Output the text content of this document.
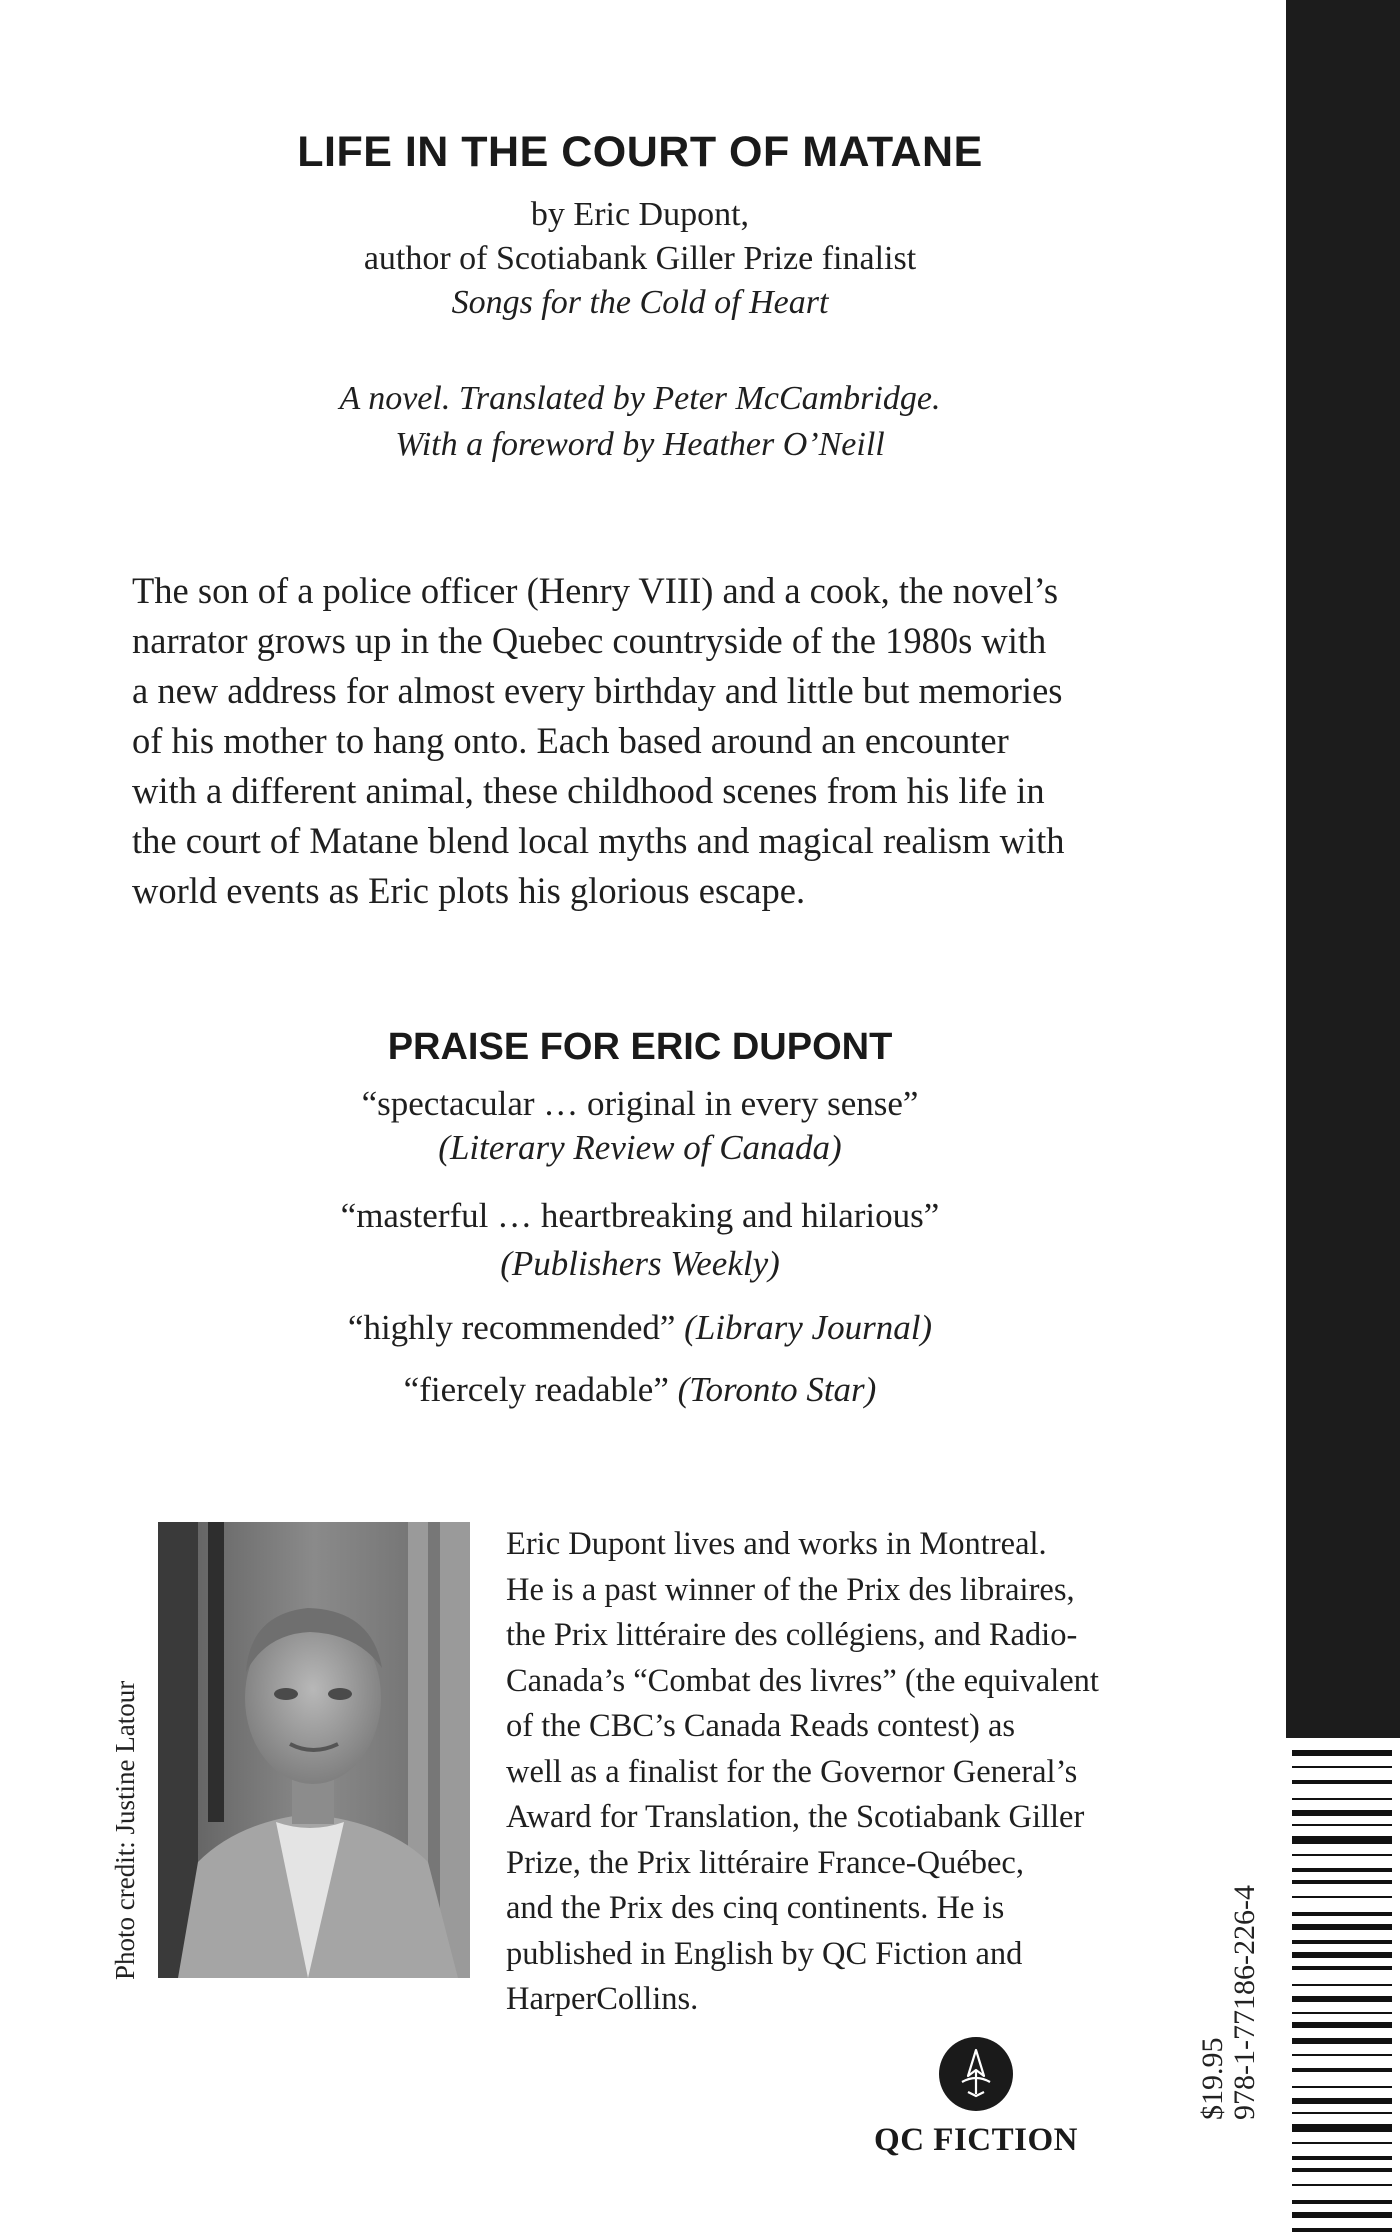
978-1-77186-226-4
$19.95
LIFE IN THE COURT OF MATANE
by Eric Dupont,
author of Scotiabank Giller Prize finalist
Songs for the Cold of Heart
A novel. Translated by Peter McCambridge.
With a foreword by Heather O’Neill

The son of a police officer (Henry VIII) and a cook, the novel’s

narrator grows up in the Quebec countryside of the 1980s with

a new address for almost every birthday and little but memories

of his mother to hang onto. Each based around an encounter

with a different animal, these childhood scenes from his life in

the court of Matane blend local myths and magical realism with

world events as Eric plots his glorious escape.

PRAISE FOR ERIC DUPONT
“spectacular … original in every sense”
(Literary Review of Canada)
“masterful … heartbreaking and hilarious”
(Publishers Weekly)
“highly recommended” (Library Journal)
“fiercely readable” (Toronto Star)
Photo credit: Justine Latour

Eric Dupont lives and works in Montreal.

He is a past winner of the Prix des libraires,

the Prix littéraire des collégiens, and Radio-

Canada’s “Combat des livres” (the equivalent

of the CBC’s Canada Reads contest) as

well as a finalist for the Governor General’s

Award for Translation, the Scotiabank Giller

Prize, the Prix littéraire France-Québec,

and the Prix des cinq continents. He is

published in English by QC Fiction and

HarperCollins.

QC FICTION
